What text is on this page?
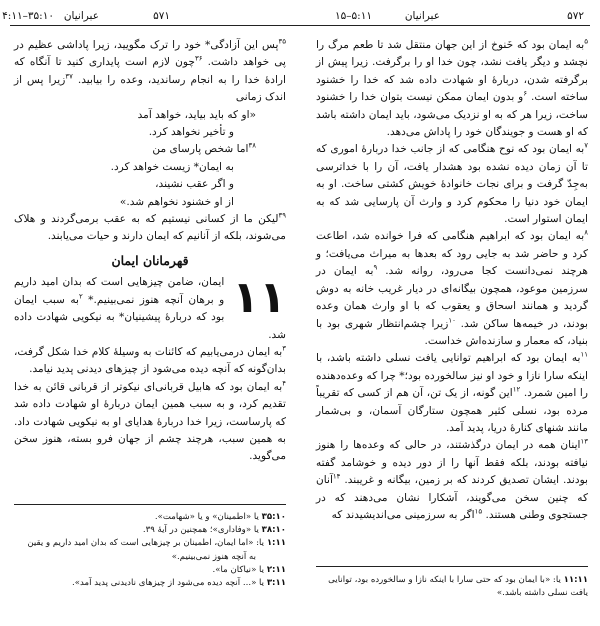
۵۷۲
عبرانیان
۵:۱۱–۱۵
۵۷۱
عبرانیان
۳۵:۱۰–۴:۱۱

$^۵$به ایمان بود که خَنوخ از این جهان منتقل شد تا طعم مرگ را نچشد و دیگر یافت نشد، چون خدا او را برگرفت. زیرا پیش از برگرفته شدن، دربارهٔ او شهادت داده شد که خدا را خشنود ساخته است. $^۶$و بدون ایمان ممکن نیست بتوان خدا را خشنود ساخت، زیرا هر که به او نزدیک می‌شود، باید ایمان داشته باشد که او هست و جویندگان خود را پاداش می‌دهد.

$^۷$به ایمان بود که نوح هنگامی که از جانب خدا دربارهٔ اموری که تا آن زمان دیده نشده بود هشدار یافت، آن را با خداترسی به‌جِدّ گرفت و برای نجات خانوادهٔ خویش کشتی ساخت. او به ایمان خود دنیا را محکوم کرد و وارث آن پارسایی شد که به ایمان استوار است.

$^۸$به ایمان بود که ابراهیم هنگامی که فرا خوانده شد، اطاعت کرد و حاضر شد به جایی رود که بعدها به میراث می‌یافت؛ و هرچند نمی‌دانست کجا می‌رود، روانه شد. $^۹$به ایمان در سرزمین موعود، همچون بیگانه‌ای در دیار غریب خانه به دوش گردید و همانند اسحاق و یعقوب که با او وارث همان وعده بودند، در خیمه‌ها ساکن شد. $^{۱۰}$زیرا چشم‌انتظار شهری بود با بنیاد، که معمار و سازنده‌اش خداست.

$^{۱۱}$به ایمان بود که ابراهیم توانایی یافت نسلی داشته باشد، با اینکه سارا نازا و خود او نیز سالخورده بود؛* چرا که وعده‌دهنده را امین شمرد. $^{۱۲}$این گونه، از یک تن، آن هم از کسی که تقریباً مرده بود، نسلی کثیر همچون ستارگان آسمان، و بی‌شمار مانند شنهای کنارهٔ دریا، پدید آمد.

$^{۱۳}$اینان همه در ایمان درگذشتند، در حالی که وعده‌ها را هنوز نیافته بودند، بلکه فقط آنها را از دور دیده و خوشامد گفته بودند. ایشان تصدیق کردند که بر زمین، بیگانه و غریبند. $^{۱۴}$آنان که چنین سخن می‌گویند، آشکارا نشان می‌دهند که در جستجوی وطنی هستند. $^{۱۵}$اگر به سرزمینی می‌اندیشیدند که

۱۱:۱۱ یا: «با ایمان بود که حتی سارا با اینکه نازا و سالخورده بود، توانایی
یافت نسلی داشته باشد.»

$^{۳۵}$پس این آزادگی* خود را ترک مگویید، زیرا پاداشی عظیم در پی خواهد داشت. $^{۳۶}$چون لازم است پایداری کنید تا آنگاه که ارادهٔ خدا را به انجام رساندید، وعده را بیابید. $^{۳۷}$زیرا پس از اندک زمانی

«او که باید بیاید، خواهد آمد
و تأخیر نخواهد کرد.
$^{۳۸}$اما شخص پارسای من
به ایمان* زیست خواهد کرد.
و اگر عقب نشیند،
از او خشنود نخواهم شد.»

$^{۳۹}$لیکن ما از کسانی نیستیم که به عقب برمی‌گردند و هلاک می‌شوند، بلکه از آنانیم که ایمان دارند و حیات می‌یابند.

قهرمانان ایمان

۱۱
ایمان، ضامن چیزهایی است که بدان امید داریم و برهان آنچه هنوز نمی‌بینیم.* $^۲$به سبب ایمان بود که دربارهٔ پیشینیان* به نیکویی شهادت داده شد.

$^۳$به ایمان درمی‌یابیم که کائنات به وسیلهٔ کلام خدا شکل گرفت، بدان‌گونه که آنچه دیده می‌شود از چیزهای دیدنی پدید نیامد.

$^۴$به ایمان بود که هابیل قربانی‌ای نیکوتر از قربانی قائن به خدا تقدیم کرد، و به سبب همین ایمان دربارهٔ او شهادت داده شد که پارساست، زیرا خدا دربارهٔ هدایای او به نیکویی شهادت داد. به همین سبب، هرچند چشم از جهان فرو بسته، هنوز سخن می‌گوید.

۳۵:۱۰ یا «اطمینان» و یا «شهامت».
۳۸:۱۰ یا «وفاداری»؛ همچنین در آیهٔ ۳۹.
۱:۱۱ یا: «اما ایمان، اطمینان بر چیزهایی است که بدان امید داریم و یقین
به آنچه هنوز نمی‌بینیم.»
۲:۱۱ یا «نیاکان ما».
۳:۱۱ یا «... آنچه دیده می‌شود از چیزهای نادیدنی پدید آمد».
